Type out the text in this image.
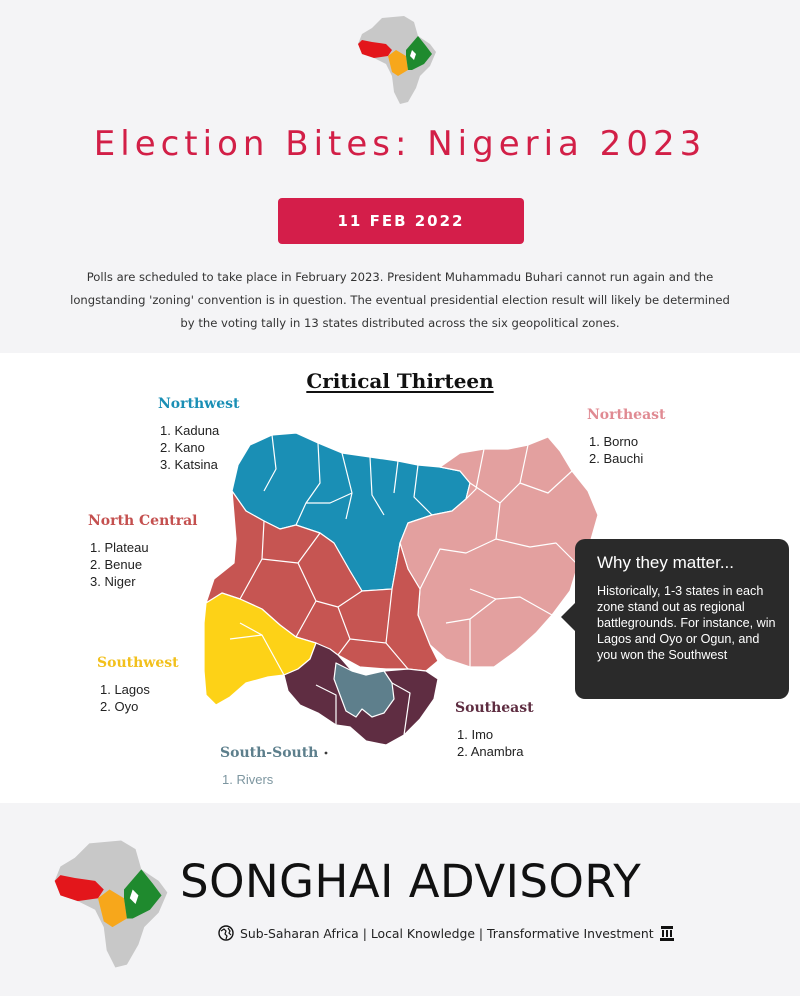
Election Bites: Nigeria 2023
11 FEB 2022
Polls are scheduled to take place in February 2023. President Muhammadu Buhari cannot run again and the longstanding 'zoning' convention is in question. The eventual presidential election result will likely be determined by the voting tally in 13 states distributed across the six geopolitical zones.
Critical Thirteen
Northwest
1. Kaduna
2. Kano
3. Katsina
Northeast
1. Borno
2. Bauchi
North Central
1. Plateau
2. Benue
3. Niger
Southwest
1. Lagos
2. Oyo	Southeast
1. Imo
2. Anambra
South-South
1. Rivers
Why they matter...
Historically, 1-3 states in each zone stand out as regional battlegrounds. For instance, win Lagos and Oyo or Ogun, and you won the Southwest
SONGHAI ADVISORY
Sub-Saharan Africa | Local Knowledge | Transformative Investment
